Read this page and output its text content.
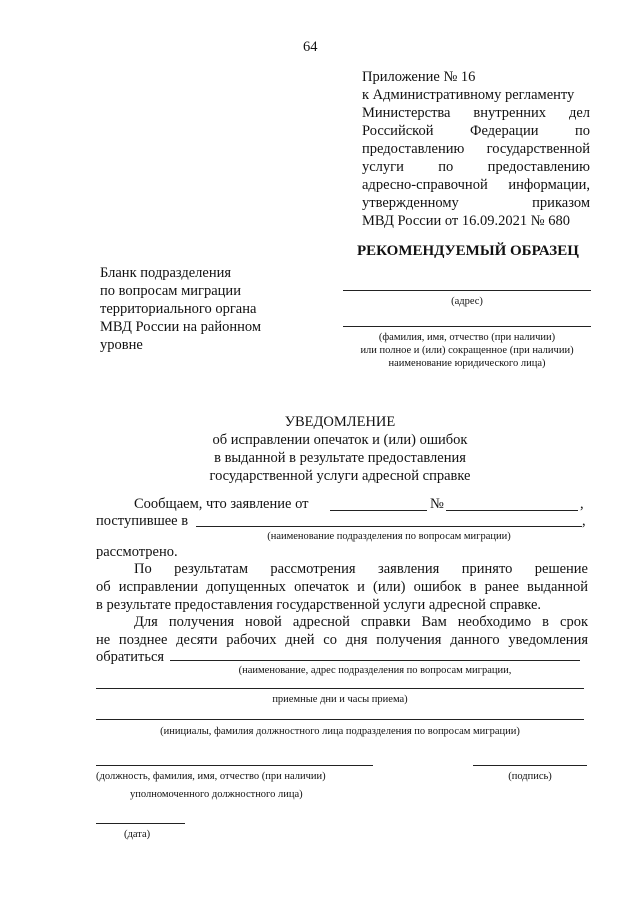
64
Приложение № 16
к Административному регламенту
Министерства внутренних дел
Российской Федерации по
предоставлению государственной
услуги по предоставлению
адресно-справочной информации,
утвержденному приказом
МВД России от 16.09.2021 № 680
РЕКОМЕНДУЕМЫЙ ОБРАЗЕЦ
Бланк подразделения
по вопросам миграции
территориального органа
МВД России на районном
уровне
(адрес)
(фамилия, имя, отчество (при наличии)
или полное и (или) сокращенное (при наличии)
наименование юридического лица)
УВЕДОМЛЕНИЕ
об исправлении опечаток и (или) ошибок
в выданной в результате предоставления
государственной услуги адресной справке
Сообщаем, что заявление от	№	,
поступившее в	,
(наименование подразделения по вопросам миграции)
рассмотрено.
По результатам рассмотрения заявления принято решение
об исправлении допущенных опечаток и (или) ошибок в ранее выданной
в результате предоставления государственной услуги адресной справке.
Для получения новой адресной справки Вам необходимо в срок
не позднее десяти рабочих дней со дня получения данного уведомления
обратиться
(наименование, адрес подразделения по вопросам миграции,
приемные дни и часы приема)
(инициалы, фамилия должностного лица подразделения по вопросам миграции)
(должность, фамилия, имя, отчество (при наличии)
уполномоченного должностного лица)
(подпись)
(дата)
